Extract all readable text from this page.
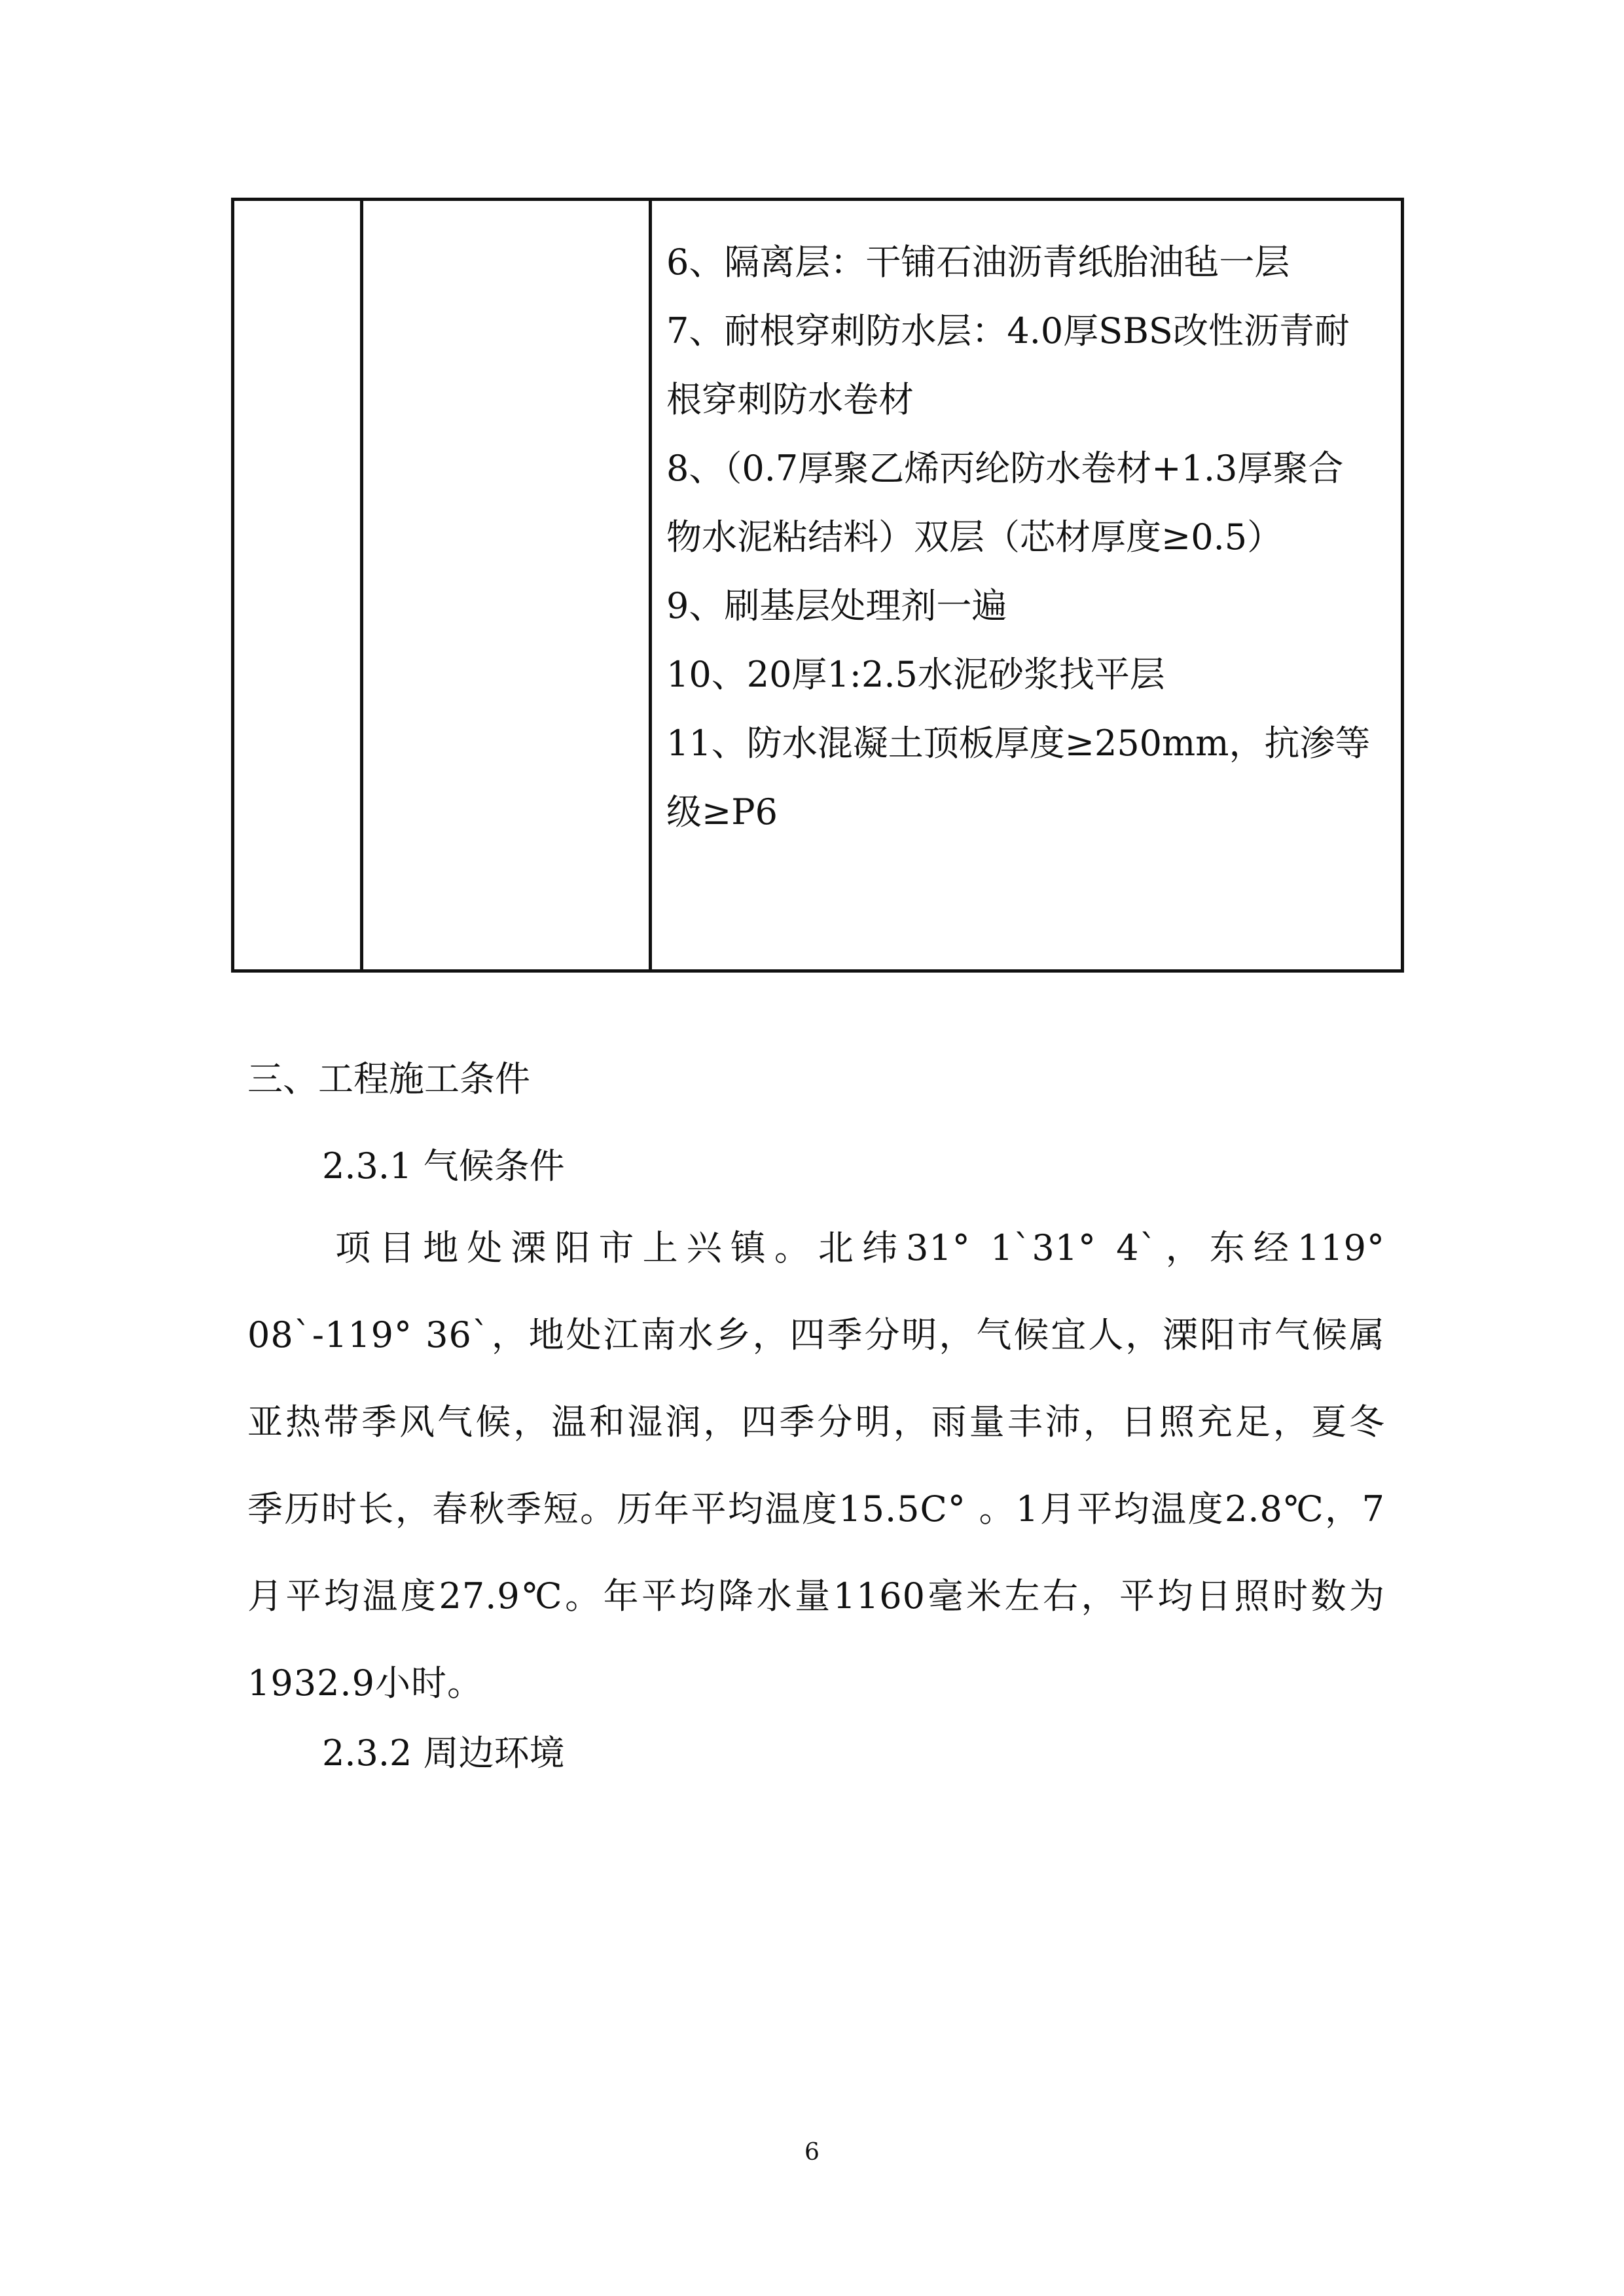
6、隔离层：干铺石油沥青纸胎油毡一层
7、耐根穿刺防水层：4.0厚SBS改性沥青耐
根穿刺防水卷材
8、（0.7厚聚乙烯丙纶防水卷材+1.3厚聚合
物水泥粘结料）双层（芯材厚度≥0.5）
9、刷基层处理剂一遍
10、20厚1:2.5水泥砂浆找平层
11、防水混凝土顶板厚度≥250mm，抗渗等
级≥P6
三、工程施工条件
2.3.1 气候条件
　　项目地处溧阳市上兴镇。北纬31° 1`31° 4`，东经119°
08`-119° 36`，地处江南水乡，四季分明，气候宜人，溧阳市气候属
亚热带季风气候，温和湿润，四季分明，雨量丰沛，日照充足，夏冬
季历时长，春秋季短。历年平均温度15.5C° 。1月平均温度2.8℃，7
月平均温度27.9℃。年平均降水量1160毫米左右，平均日照时数为
1932.9小时。
2.3.2 周边环境
6
